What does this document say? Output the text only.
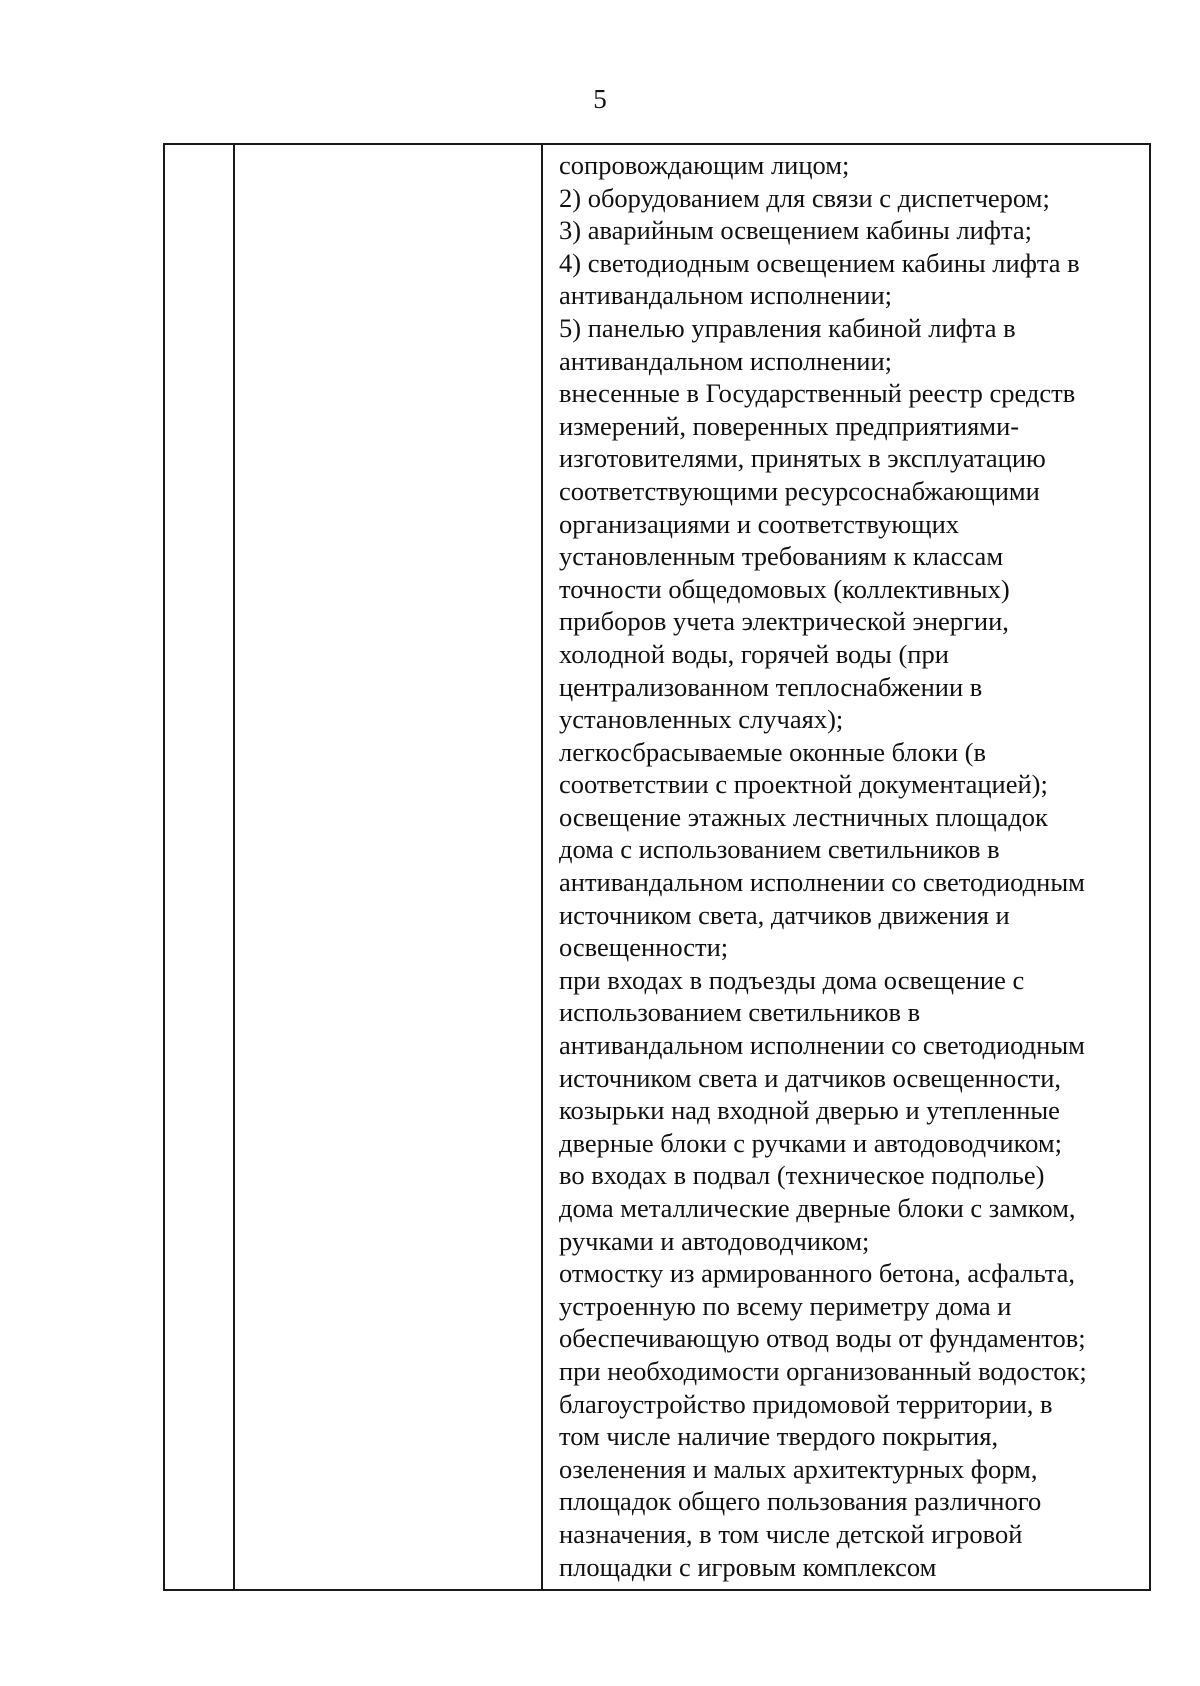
5
сопровождающим лицом;
2) оборудованием для связи с диспетчером;
3) аварийным освещением кабины лифта;
4) светодиодным освещением кабины лифта в
антивандальном исполнении;
5) панелью управления кабиной лифта в
антивандальном исполнении;
внесенные в Государственный реестр средств
измерений, поверенных предприятиями-
изготовителями, принятых в эксплуатацию
соответствующими ресурсоснабжающими
организациями и соответствующих
установленным требованиям к классам
точности общедомовых (коллективных)
приборов учета электрической энергии,
холодной воды, горячей воды (при
централизованном теплоснабжении в
установленных случаях);
легкосбрасываемые оконные блоки (в
соответствии с проектной документацией);
освещение этажных лестничных площадок
дома с использованием светильников в
антивандальном исполнении со светодиодным
источником света, датчиков движения и
освещенности;
при входах в подъезды дома освещение с
использованием светильников в
антивандальном исполнении со светодиодным
источником света и датчиков освещенности,
козырьки над входной дверью и утепленные
дверные блоки с ручками и автодоводчиком;
во входах в подвал (техническое подполье)
дома металлические дверные блоки с замком,
ручками и автодоводчиком;
отмостку из армированного бетона, асфальта,
устроенную по всему периметру дома и
обеспечивающую отвод воды от фундаментов;
при необходимости организованный водосток;
благоустройство придомовой территории, в
том числе наличие твердого покрытия,
озеленения и малых архитектурных форм,
площадок общего пользования различного
назначения, в том числе детской игровой
площадки с игровым комплексом
